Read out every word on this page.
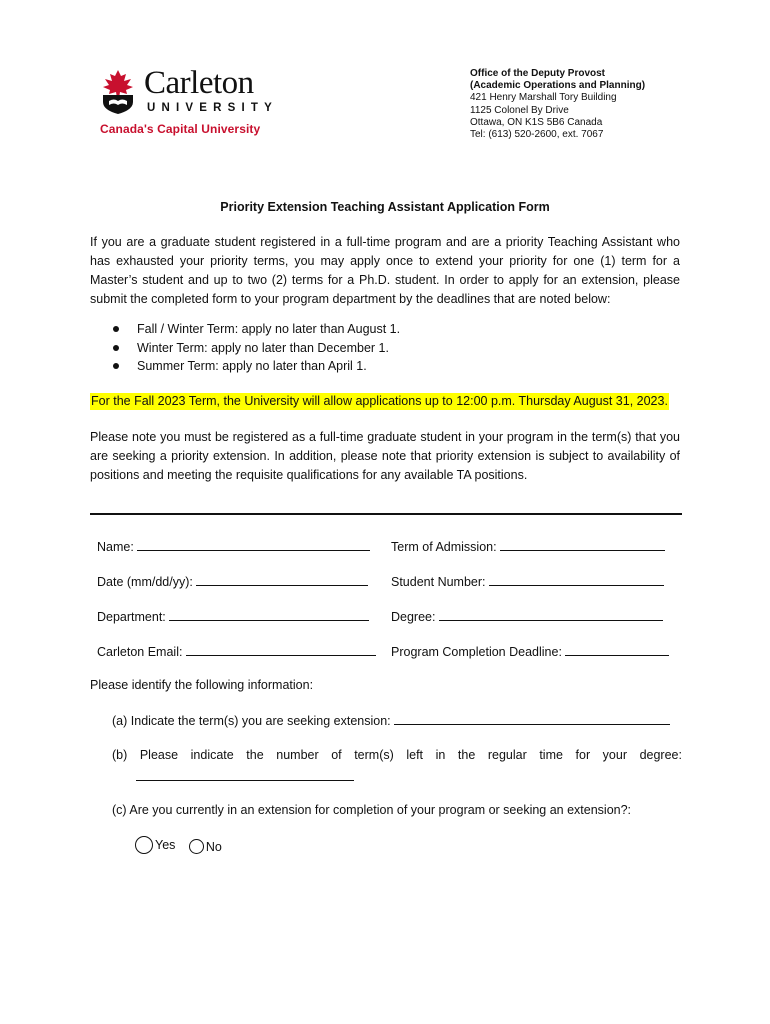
Carleton
UNIVERSITY
Canada's Capital University
Office of the Deputy Provost
(Academic Operations and Planning)
421 Henry Marshall Tory Building
1125 Colonel By Drive
Ottawa, ON K1S 5B6 Canada
Tel: (613) 520-2600, ext. 7067
Priority Extension Teaching Assistant Application Form
If you are a graduate student registered in a full-time program and are a priority Teaching Assistant who has exhausted your priority terms, you may apply once to extend your priority for one (1) term for a Master’s student and up to two (2) terms for a Ph.D. student. In order to apply for an extension, please submit the completed form to your program department by the deadlines that are noted below:
Fall / Winter Term: apply no later than August 1.
Winter Term: apply no later than December 1.
Summer Term: apply no later than April 1.
For the Fall 2023 Term, the University will allow applications up to 12:00 p.m. Thursday August 31, 2023.
Please note you must be registered as a full-time graduate student in your program in the term(s) that you are seeking a priority extension. In addition, please note that priority extension is subject to availability of positions and meeting the requisite qualifications for any available TA positions.
Name:	Term of Admission:
Date (mm/dd/yy):	Student Number:
Department:	Degree:
Carleton Email:	Program Completion Deadline:
Please identify the following information:
(a) Indicate the term(s) you are seeking extension:
(b) Please indicate the number of term(s) left in the regular time for your degree:
(c) Are you currently in an extension for completion of your program or seeking an extension?:
Yes
No
